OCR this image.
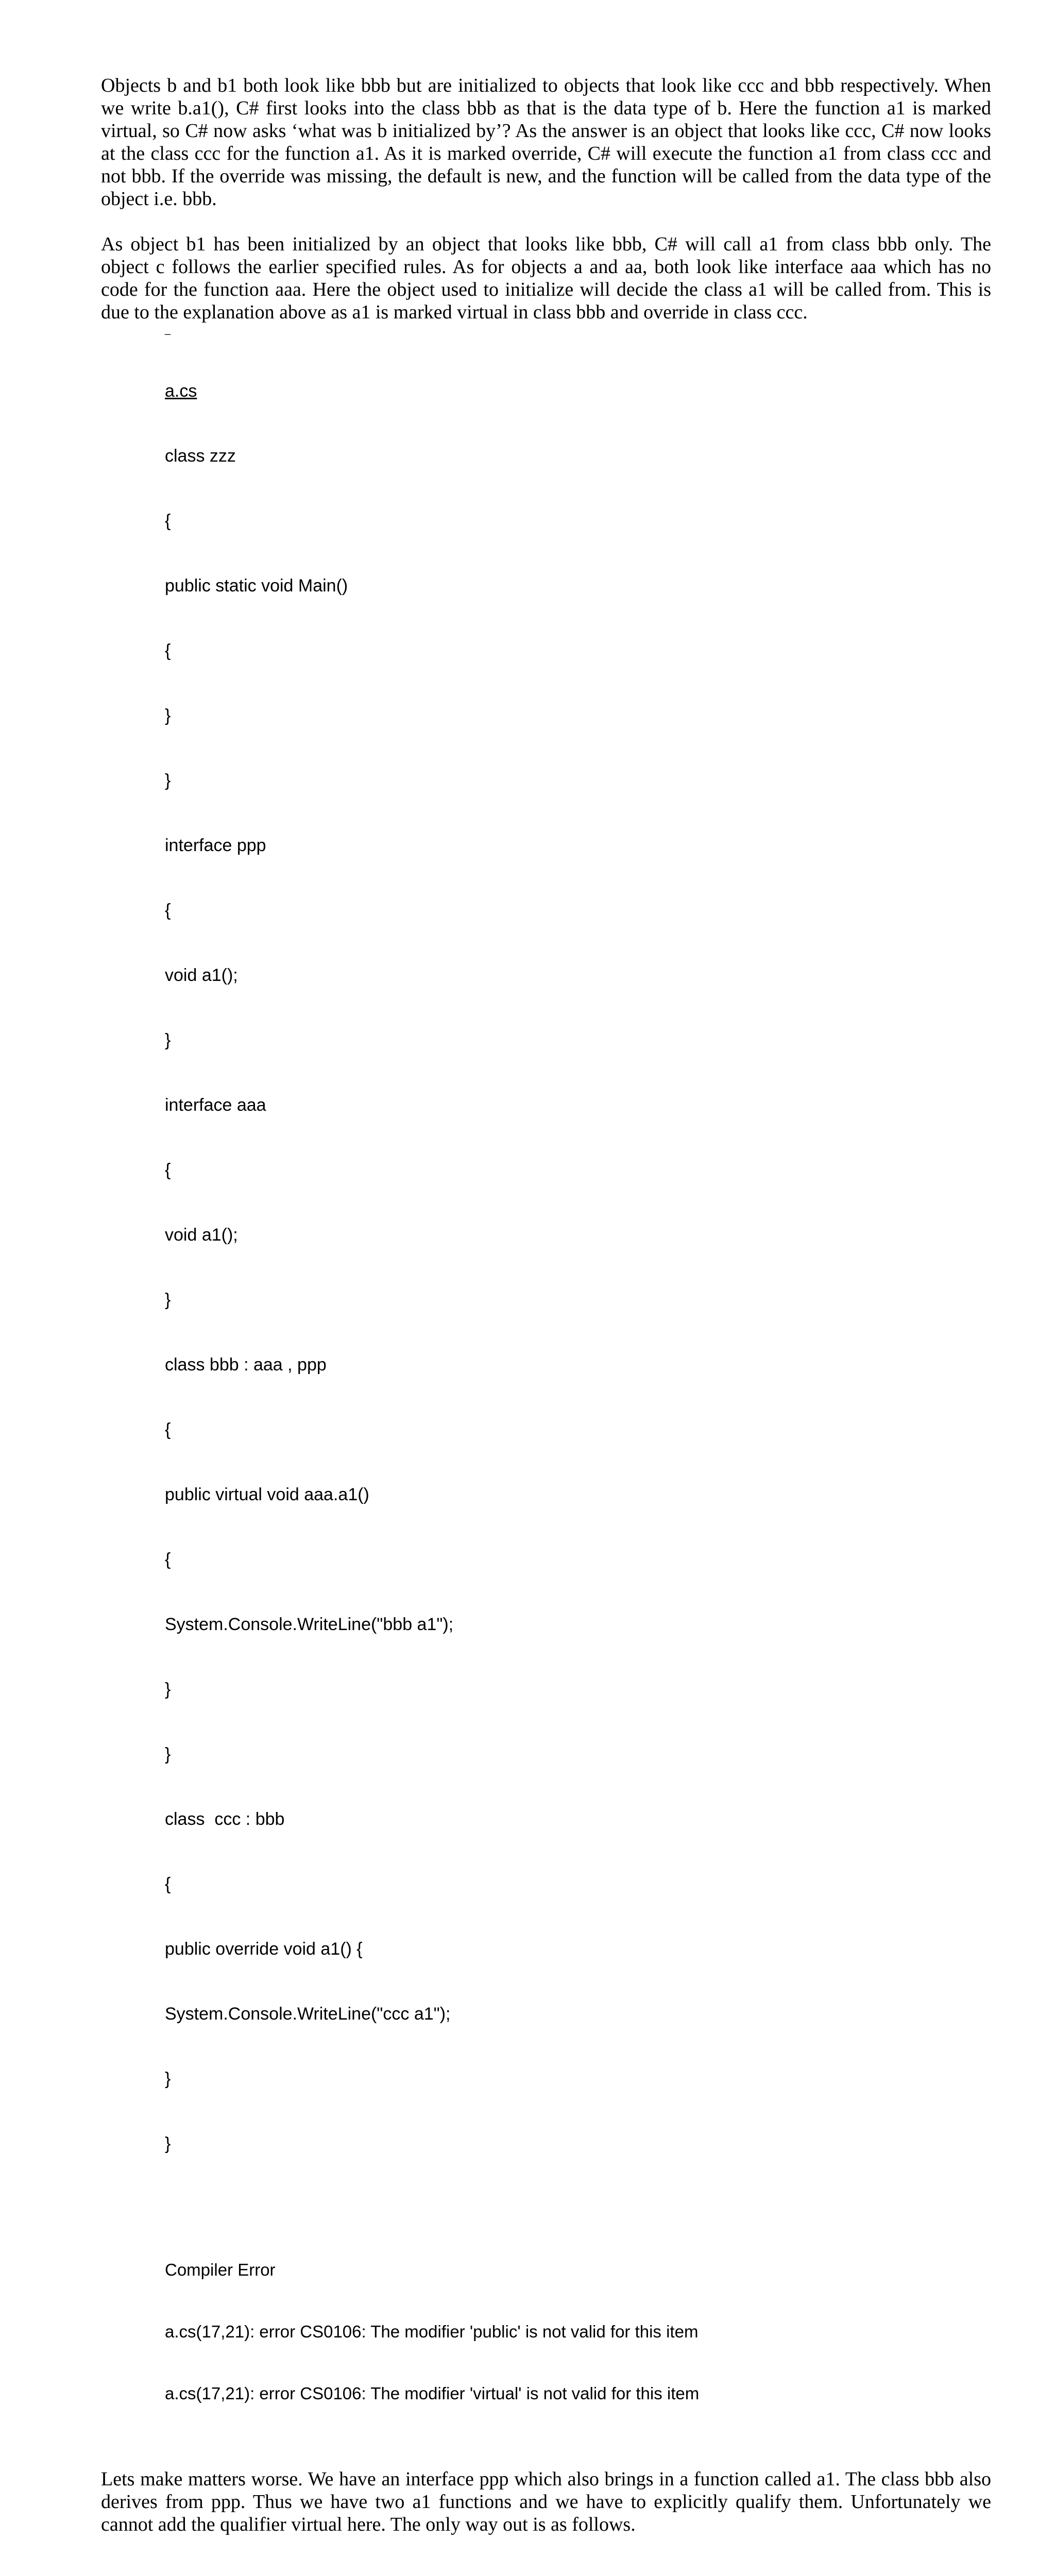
Objects b and b1 both look like bbb but are initialized to objects that look like ccc and bbb respectively. When
we write b.a1(), C# first looks into the class bbb as that is the data type of b. Here the function a1 is marked
virtual, so C# now asks ‘what was b initialized by’? As the answer is an object that looks like ccc, C# now looks
at the class ccc for the function a1. As it is marked override, C# will execute the function a1 from class ccc and
not bbb. If the override was missing, the default is new, and the function will be called from the data type of the
object i.e. bbb.
As object b1 has been initialized by an object that looks like bbb, C# will call a1 from class bbb only. The
object c follows the earlier specified rules. As for objects a and aa, both look like interface aaa which has no
code for the function aaa. Here the object used to initialize will decide the class a1 will be called from. This is
due to the explanation above as a1 is marked virtual in class bbb and override in class ccc.
_

a.cs

class zzz

{

public static void Main()

{

}

}

interface ppp

{

void a1();

}

interface aaa

{

void a1();

}

class bbb : aaa , ppp

{

public virtual void aaa.a1()

{

System.Console.WriteLine("bbb a1");

}

}

class  ccc : bbb

{

public override void a1() {

System.Console.WriteLine("ccc a1");

}

}

Compiler Error

a.cs(17,21): error CS0106: The modifier 'public' is not valid for this item

a.cs(17,21): error CS0106: The modifier 'virtual' is not valid for this item

Lets make matters worse. We have an interface ppp which also brings in a function called a1. The class bbb also
derives from ppp. Thus we have two a1 functions and we have to explicitly qualify them. Unfortunately we
cannot add the qualifier virtual here. The only way out is as follows.
